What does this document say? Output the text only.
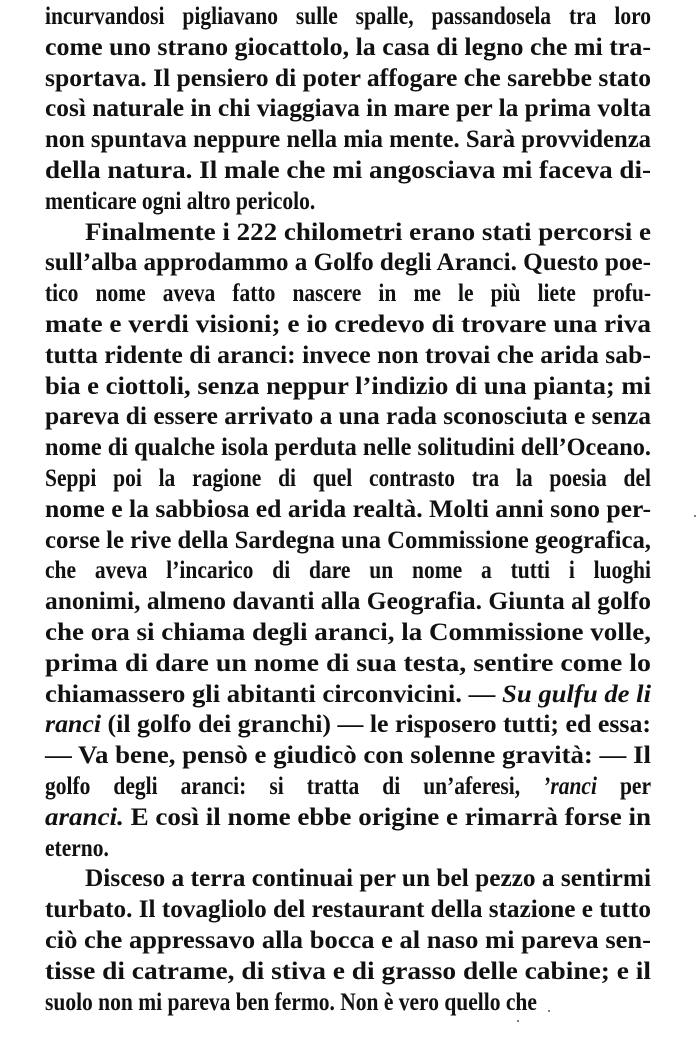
incurvandosi pigliavano sulle spalle, passandosela tra loro
come uno strano giocattolo, la casa di legno che mi tra-
sportava. Il pensiero di poter affogare che sarebbe stato
così naturale in chi viaggiava in mare per la prima volta
non spuntava neppure nella mia mente. Sarà provvidenza
della natura. Il male che mi angosciava mi faceva di-
menticare ogni altro pericolo.
Finalmente i 222 chilometri erano stati percorsi e
sull’alba approdammo a Golfo degli Aranci. Questo poe-
tico nome aveva fatto nascere in me le più liete profu-
mate e verdi visioni; e io credevo di trovare una riva
tutta ridente di aranci: invece non trovai che arida sab-
bia e ciottoli, senza neppur l’indizio di una pianta; mi
pareva di essere arrivato a una rada sconosciuta e senza
nome di qualche isola perduta nelle solitudini dell’Oceano.
Seppi poi la ragione di quel contrasto tra la poesia del
nome e la sabbiosa ed arida realtà. Molti anni sono per-
corse le rive della Sardegna una Commissione geografica,
che aveva l’incarico di dare un nome a tutti i luoghi
anonimi, almeno davanti alla Geografia. Giunta al golfo
che ora si chiama degli aranci, la Commissione volle,
prima di dare un nome di sua testa, sentire come lo
chiamassero gli abitanti circonvicini. — Su gulfu de li
ranci (il golfo dei granchi) — le risposero tutti; ed essa:
— Va bene, pensò e giudicò con solenne gravità: — Il
golfo degli aranci: si tratta di un’aferesi, ’ranci per
aranci. E così il nome ebbe origine e rimarrà forse in
eterno.
Disceso a terra continuai per un bel pezzo a sentirmi
turbato. Il tovagliolo del restaurant della stazione e tutto
ciò che appressavo alla bocca e al naso mi pareva sen-
tisse di catrame, di stiva e di grasso delle cabine; e il
suolo non mi pareva ben fermo. Non è vero quello che
